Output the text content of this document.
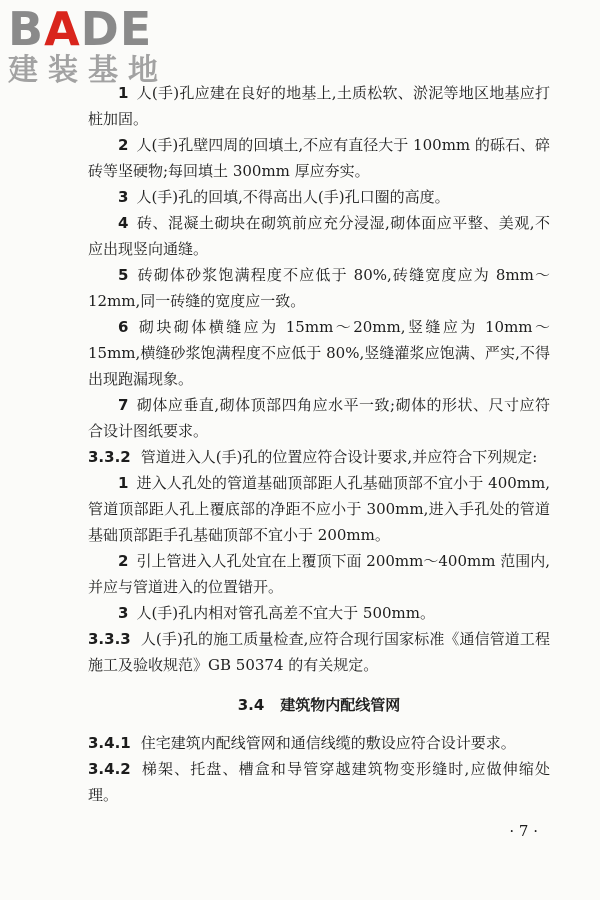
BADE
建装基地

1 人(手)孔应建在良好的地基上,土质松软、淤泥等地区地基应打桩加固。

2 人(手)孔壁四周的回填土,不应有直径大于 100mm 的砾石、碎砖等坚硬物;每回填土 300mm 厚应夯实。

3 人(手)孔的回填,不得高出人(手)孔口圈的高度。

4 砖、混凝土砌块在砌筑前应充分浸湿,砌体面应平整、美观,不应出现竖向通缝。

5 砖砌体砂浆饱满程度不应低于 80%,砖缝宽度应为 8mm～12mm,同一砖缝的宽度应一致。

6 砌块砌体横缝应为 15mm～20mm,竖缝应为 10mm～15mm,横缝砂浆饱满程度不应低于 80%,竖缝灌浆应饱满、严实,不得出现跑漏现象。

7 砌体应垂直,砌体顶部四角应水平一致;砌体的形状、尺寸应符合设计图纸要求。

3.3.2 管道进入人(手)孔的位置应符合设计要求,并应符合下列规定:

1 进入人孔处的管道基础顶部距人孔基础顶部不宜小于 400mm,管道顶部距人孔上覆底部的净距不应小于 300mm,进入手孔处的管道基础顶部距手孔基础顶部不宜小于 200mm。

2 引上管进入人孔处宜在上覆顶下面 200mm～400mm 范围内,并应与管道进入的位置错开。

3 人(手)孔内相对管孔高差不宜大于 500mm。

3.3.3 人(手)孔的施工质量检查,应符合现行国家标准《通信管道工程施工及验收规范》GB 50374 的有关规定。

3.4 建筑物内配线管网

3.4.1 住宅建筑内配线管网和通信线缆的敷设应符合设计要求。

3.4.2 梯架、托盘、槽盒和导管穿越建筑物变形缝时,应做伸缩处理。

· 7 ·
